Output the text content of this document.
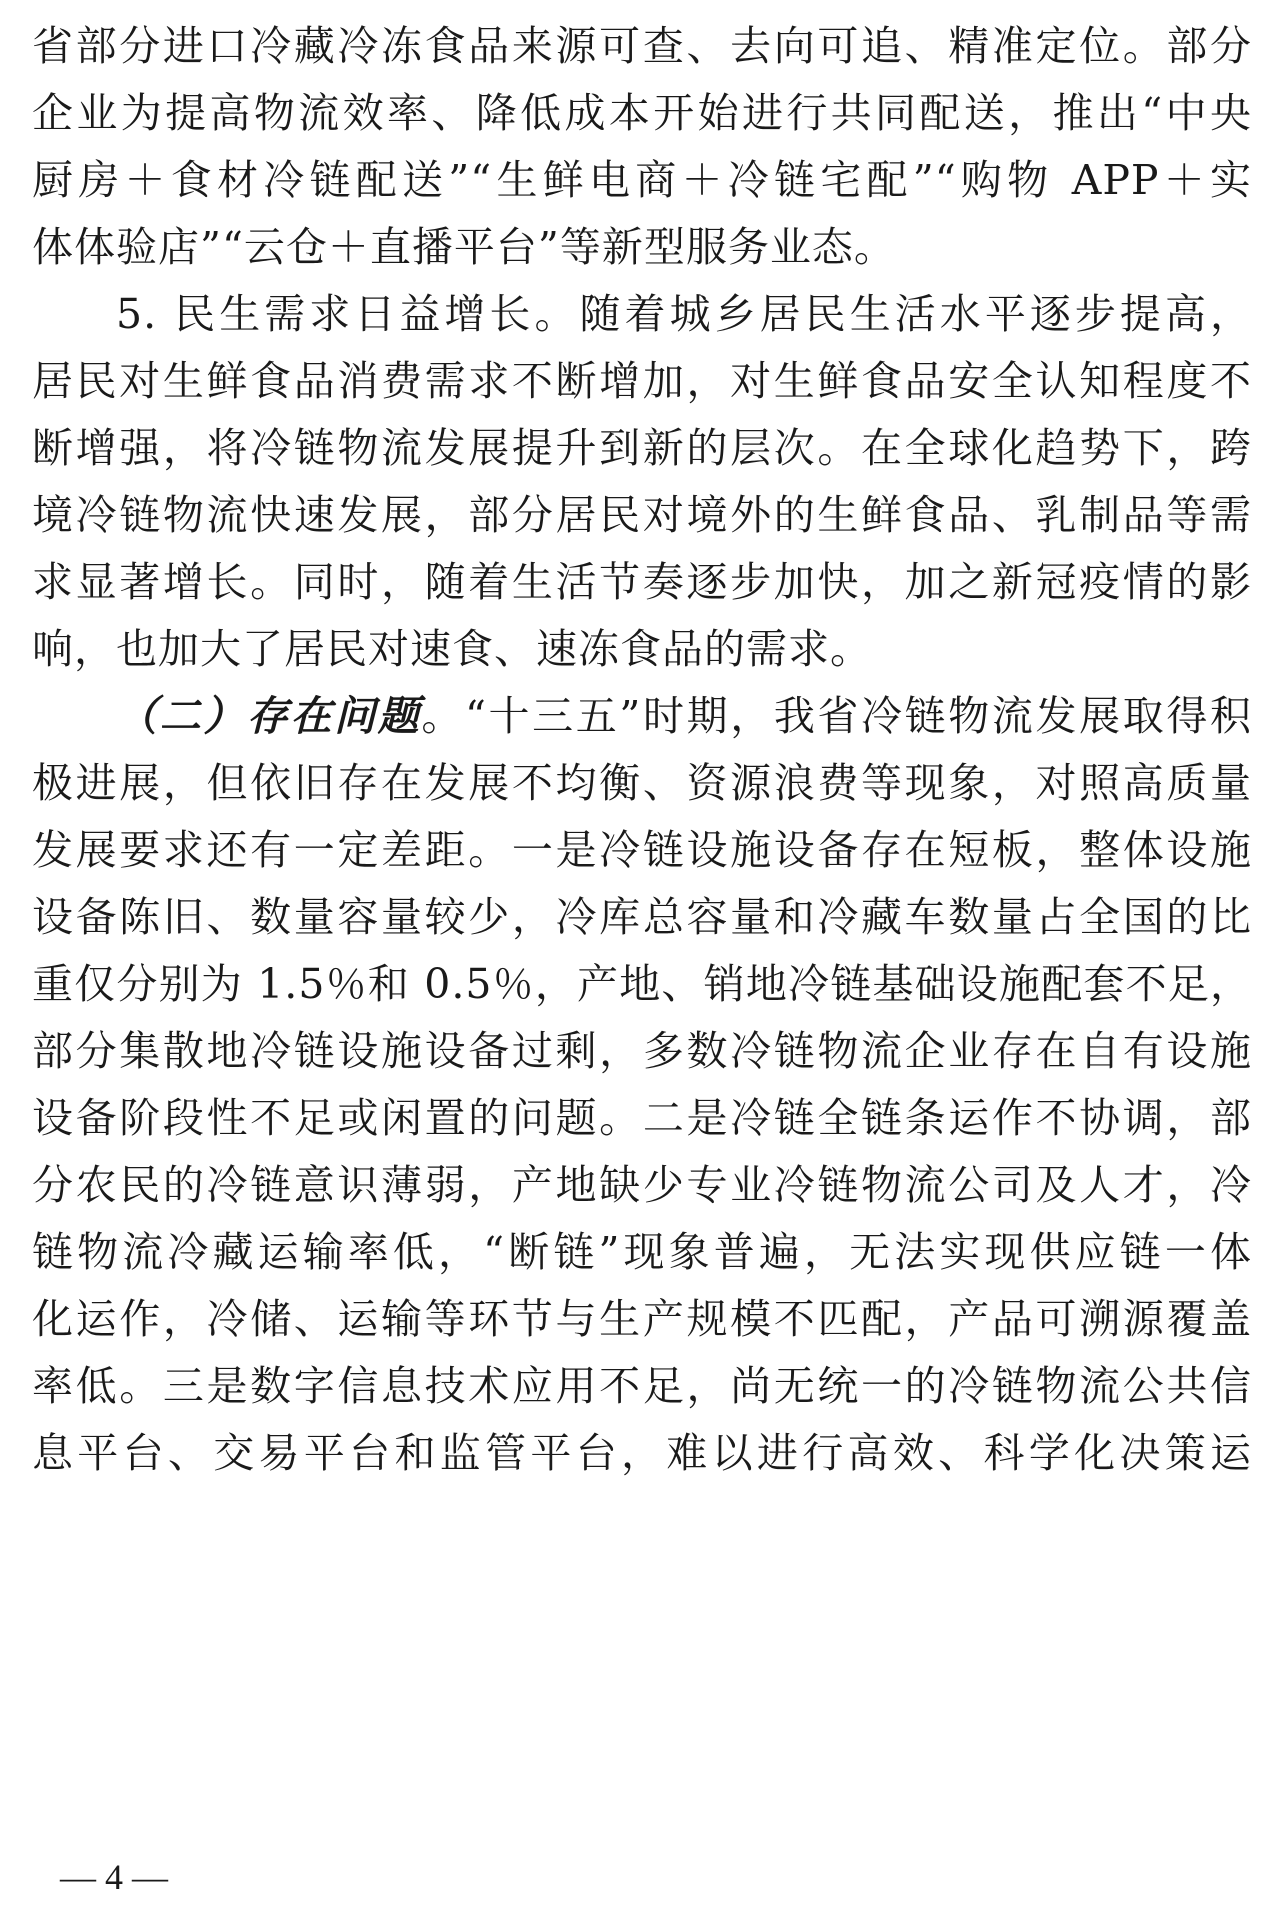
省部分进口冷藏冷冻食品来源可查、去向可追、精准定位。部分
企业为提高物流效率、降低成本开始进行共同配送，推出“中央
厨房＋食材冷链配送”“生鲜电商＋冷链宅配”“购物 APP＋实
体体验店”“云仓＋直播平台”等新型服务业态。
5. 民生需求日益增长。随着城乡居民生活水平逐步提高，
居民对生鲜食品消费需求不断增加，对生鲜食品安全认知程度不
断增强，将冷链物流发展提升到新的层次。在全球化趋势下，跨
境冷链物流快速发展，部分居民对境外的生鲜食品、乳制品等需
求显著增长。同时，随着生活节奏逐步加快，加之新冠疫情的影
响，也加大了居民对速食、速冻食品的需求。
（二）存在问题。“十三五”时期，我省冷链物流发展取得积
极进展，但依旧存在发展不均衡、资源浪费等现象，对照高质量
发展要求还有一定差距。一是冷链设施设备存在短板，整体设施
设备陈旧、数量容量较少，冷库总容量和冷藏车数量占全国的比
重仅分别为 1.5％和 0.5％，产地、销地冷链基础设施配套不足，
部分集散地冷链设施设备过剩，多数冷链物流企业存在自有设施
设备阶段性不足或闲置的问题。二是冷链全链条运作不协调，部
分农民的冷链意识薄弱，产地缺少专业冷链物流公司及人才，冷
链物流冷藏运输率低，“断链”现象普遍，无法实现供应链一体
化运作，冷储、运输等环节与生产规模不匹配，产品可溯源覆盖
率低。三是数字信息技术应用不足，尚无统一的冷链物流公共信
息平台、交易平台和监管平台，难以进行高效、科学化决策运
— 4 —
